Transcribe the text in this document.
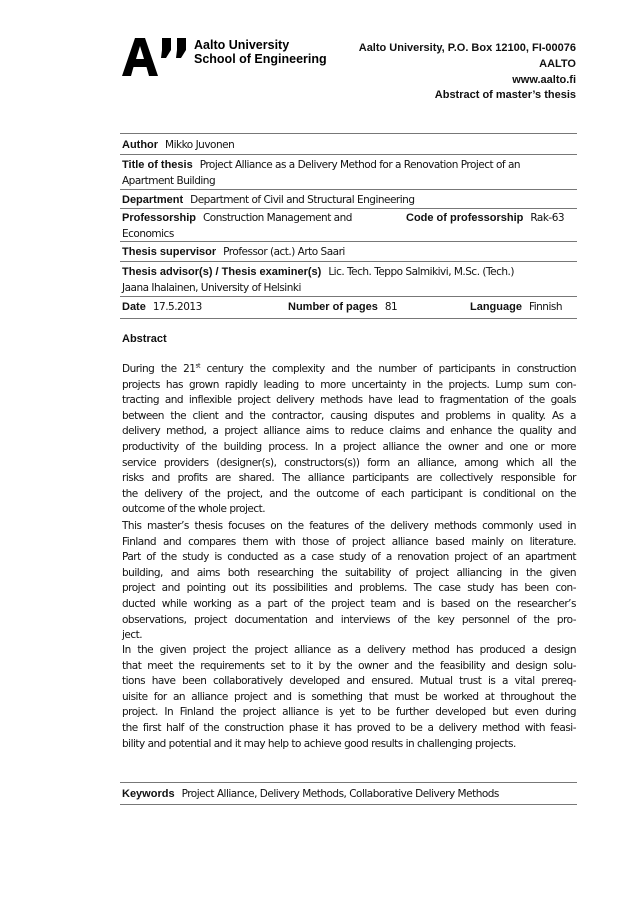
Aalto University
School of Engineering
Aalto University, P.O. Box 12100, FI-00076
AALTO
www.aalto.fi
Abstract of master’s thesis
Author Mikko Juvonen
Title of thesis Project Alliance as a Delivery Method for a Renovation Project of an
Apartment Building
Department Department of Civil and Structural Engineering
Professorship Construction Management and
Economics
Code of professorship Rak-63
Thesis supervisor Professor (act.) Arto Saari
Thesis advisor(s) / Thesis examiner(s) Lic. Tech. Teppo Salmikivi, M.Sc. (Tech.)
Jaana Ihalainen, University of Helsinki
Date 17.5.2013	Number of pages 81	Language Finnish
Abstract
During the 21st century the complexity and the number of participants in construction
projects has grown rapidly leading to more uncertainty in the projects. Lump sum con-
tracting and inflexible project delivery methods have lead to fragmentation of the goals
between the client and the contractor, causing disputes and problems in quality. As a
delivery method, a project alliance aims to reduce claims and enhance the quality and
productivity of the building process. In a project alliance the owner and one or more
service providers (designer(s), constructors(s)) form an alliance, among which all the
risks and profits are shared. The alliance participants are collectively responsible for
the delivery of the project, and the outcome of each participant is conditional on the
outcome of the whole project.
This master’s thesis focuses on the features of the delivery methods commonly used in
Finland and compares them with those of project alliance based mainly on literature.
Part of the study is conducted as a case study of a renovation project of an apartment
building, and aims both researching the suitability of project alliancing in the given
project and pointing out its possibilities and problems. The case study has been con-
ducted while working as a part of the project team and is based on the researcher’s
observations, project documentation and interviews of the key personnel of the pro-
ject.
In the given project the project alliance as a delivery method has produced a design
that meet the requirements set to it by the owner and the feasibility and design solu-
tions have been collaboratively developed and ensured. Mutual trust is a vital prereq-
uisite for an alliance project and is something that must be worked at throughout the
project. In Finland the project alliance is yet to be further developed but even during
the first half of the construction phase it has proved to be a delivery method with feasi-
bility and potential and it may help to achieve good results in challenging projects.
Keywords Project Alliance, Delivery Methods, Collaborative Delivery Methods
